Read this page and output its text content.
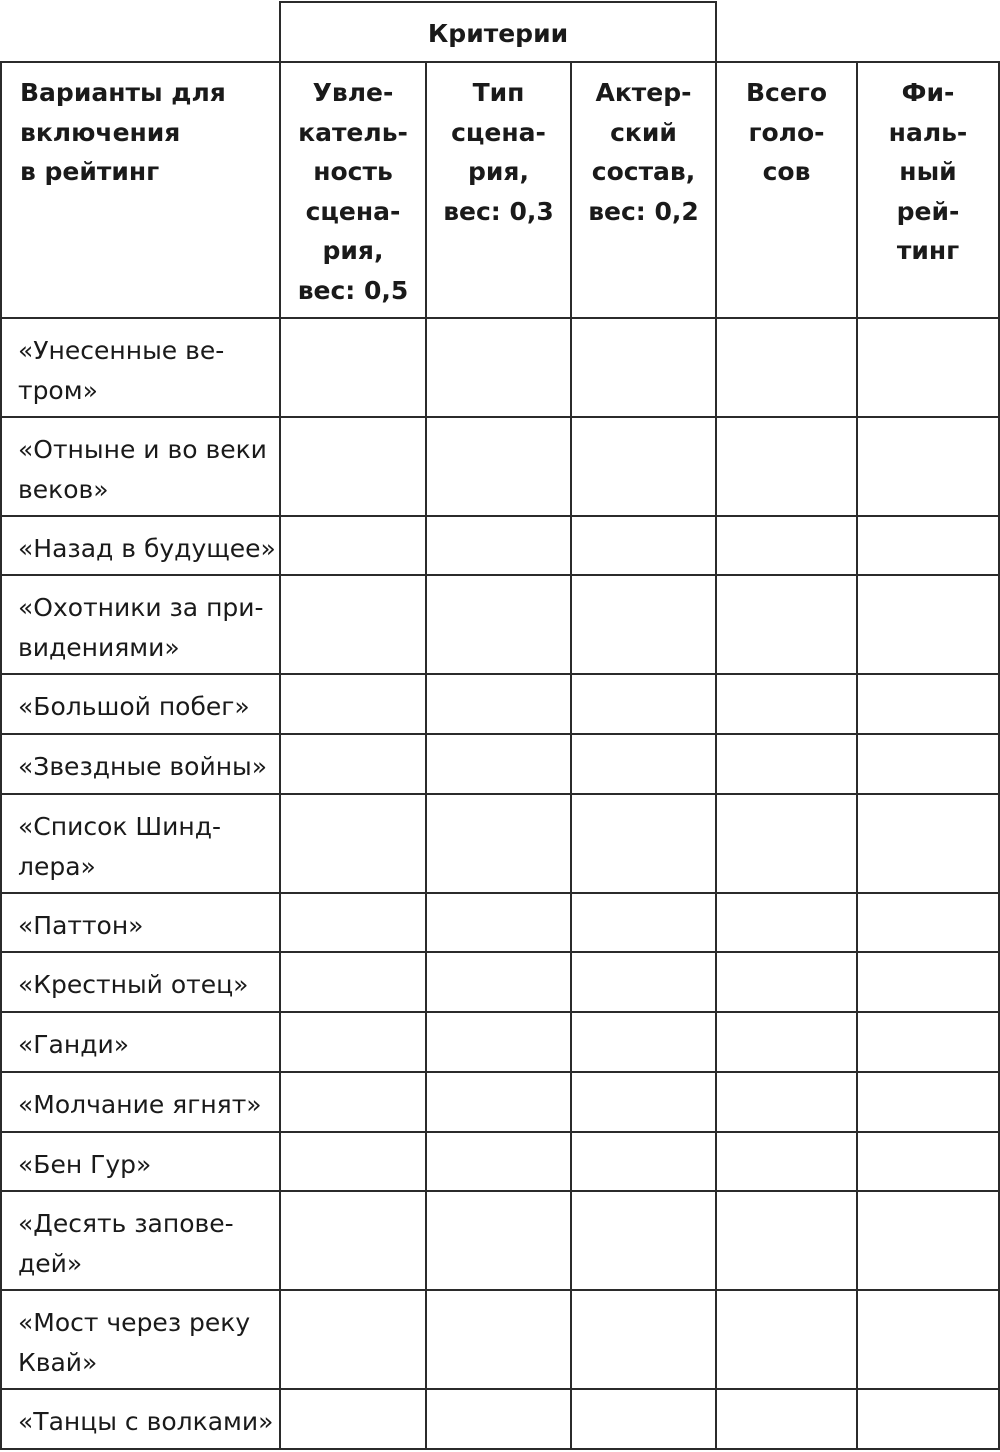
Критерии
Варианты для
включения
в рейтинг
Увле-
катель-
ность
сцена-
рия,
вес: 0,5
Тип
сцена-
рия,
вес: 0,3
Актер-
ский
состав,
вес: 0,2
Всего
голо-
сов
Фи-
наль-
ный
рей-
тинг
«Унесенные ве-
тром»
«Отныне и во веки
веков»
«Назад в будущее»
«Охотники за при-
видениями»
«Большой побег»
«Звездные войны»
«Список Шинд-
лера»
«Паттон»
«Крестный отец»
«Ганди»
«Молчание ягнят»
«Бен Гур»
«Десять запове-
дей»
«Мост через реку
Квай»
«Танцы с волками»
